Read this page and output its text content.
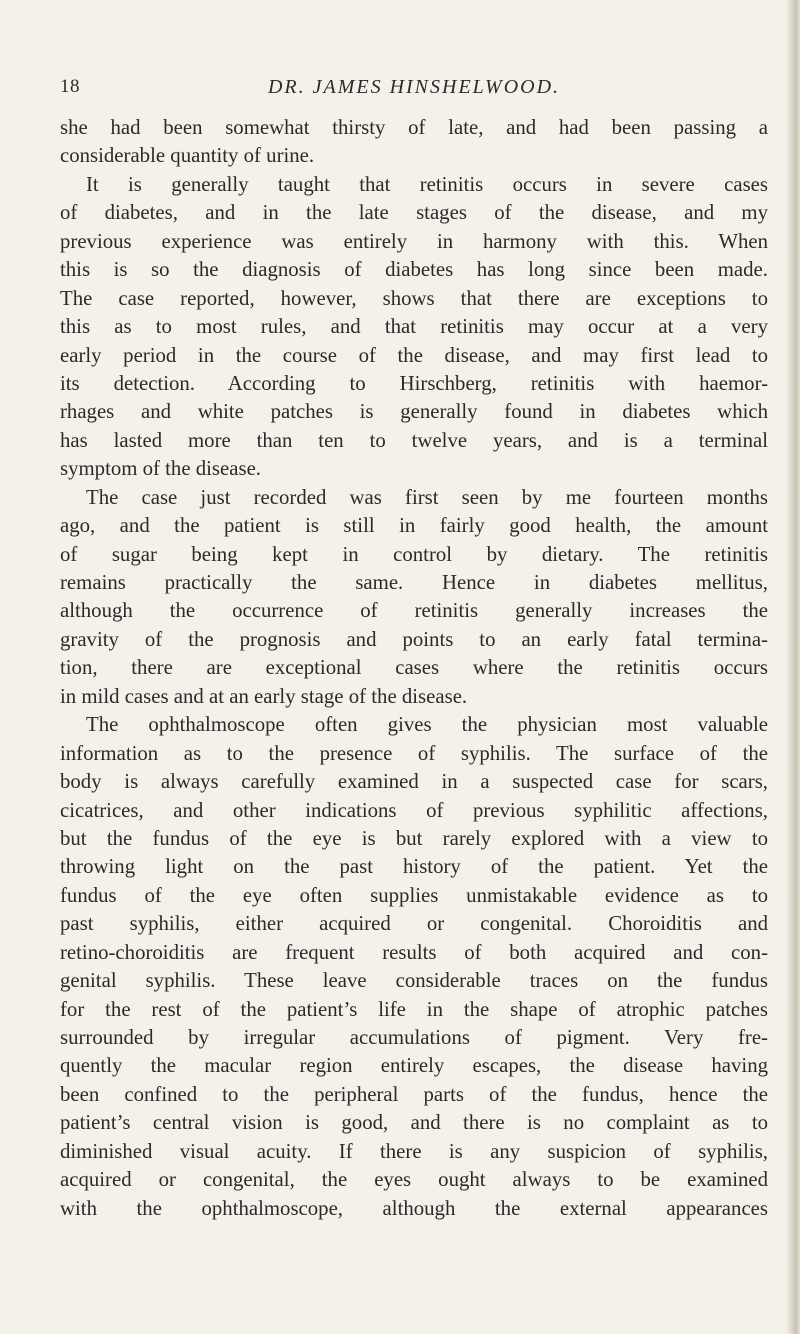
18	DR. JAMES HINSHELWOOD.
she had been somewhat thirsty of late, and had been passing a
considerable quantity of urine.
It is generally taught that retinitis occurs in severe cases
of diabetes, and in the late stages of the disease, and my
previous experience was entirely in harmony with this. When
this is so the diagnosis of diabetes has long since been made.
The case reported, however, shows that there are exceptions to
this as to most rules, and that retinitis may occur at a very
early period in the course of the disease, and may first lead to
its detection. According to Hirschberg, retinitis with haemor-
rhages and white patches is generally found in diabetes which
has lasted more than ten to twelve years, and is a terminal
symptom of the disease.
The case just recorded was first seen by me fourteen months
ago, and the patient is still in fairly good health, the amount
of sugar being kept in control by dietary. The retinitis
remains practically the same. Hence in diabetes mellitus,
although the occurrence of retinitis generally increases the
gravity of the prognosis and points to an early fatal termina-
tion, there are exceptional cases where the retinitis occurs
in mild cases and at an early stage of the disease.
The ophthalmoscope often gives the physician most valuable
information as to the presence of syphilis. The surface of the
body is always carefully examined in a suspected case for scars,
cicatrices, and other indications of previous syphilitic affections,
but the fundus of the eye is but rarely explored with a view to
throwing light on the past history of the patient. Yet the
fundus of the eye often supplies unmistakable evidence as to
past syphilis, either acquired or congenital. Choroiditis and
retino-choroiditis are frequent results of both acquired and con-
genital syphilis. These leave considerable traces on the fundus
for the rest of the patient’s life in the shape of atrophic patches
surrounded by irregular accumulations of pigment. Very fre-
quently the macular region entirely escapes, the disease having
been confined to the peripheral parts of the fundus, hence the
patient’s central vision is good, and there is no complaint as to
diminished visual acuity. If there is any suspicion of syphilis,
acquired or congenital, the eyes ought always to be examined
with the ophthalmoscope, although the external appearances
